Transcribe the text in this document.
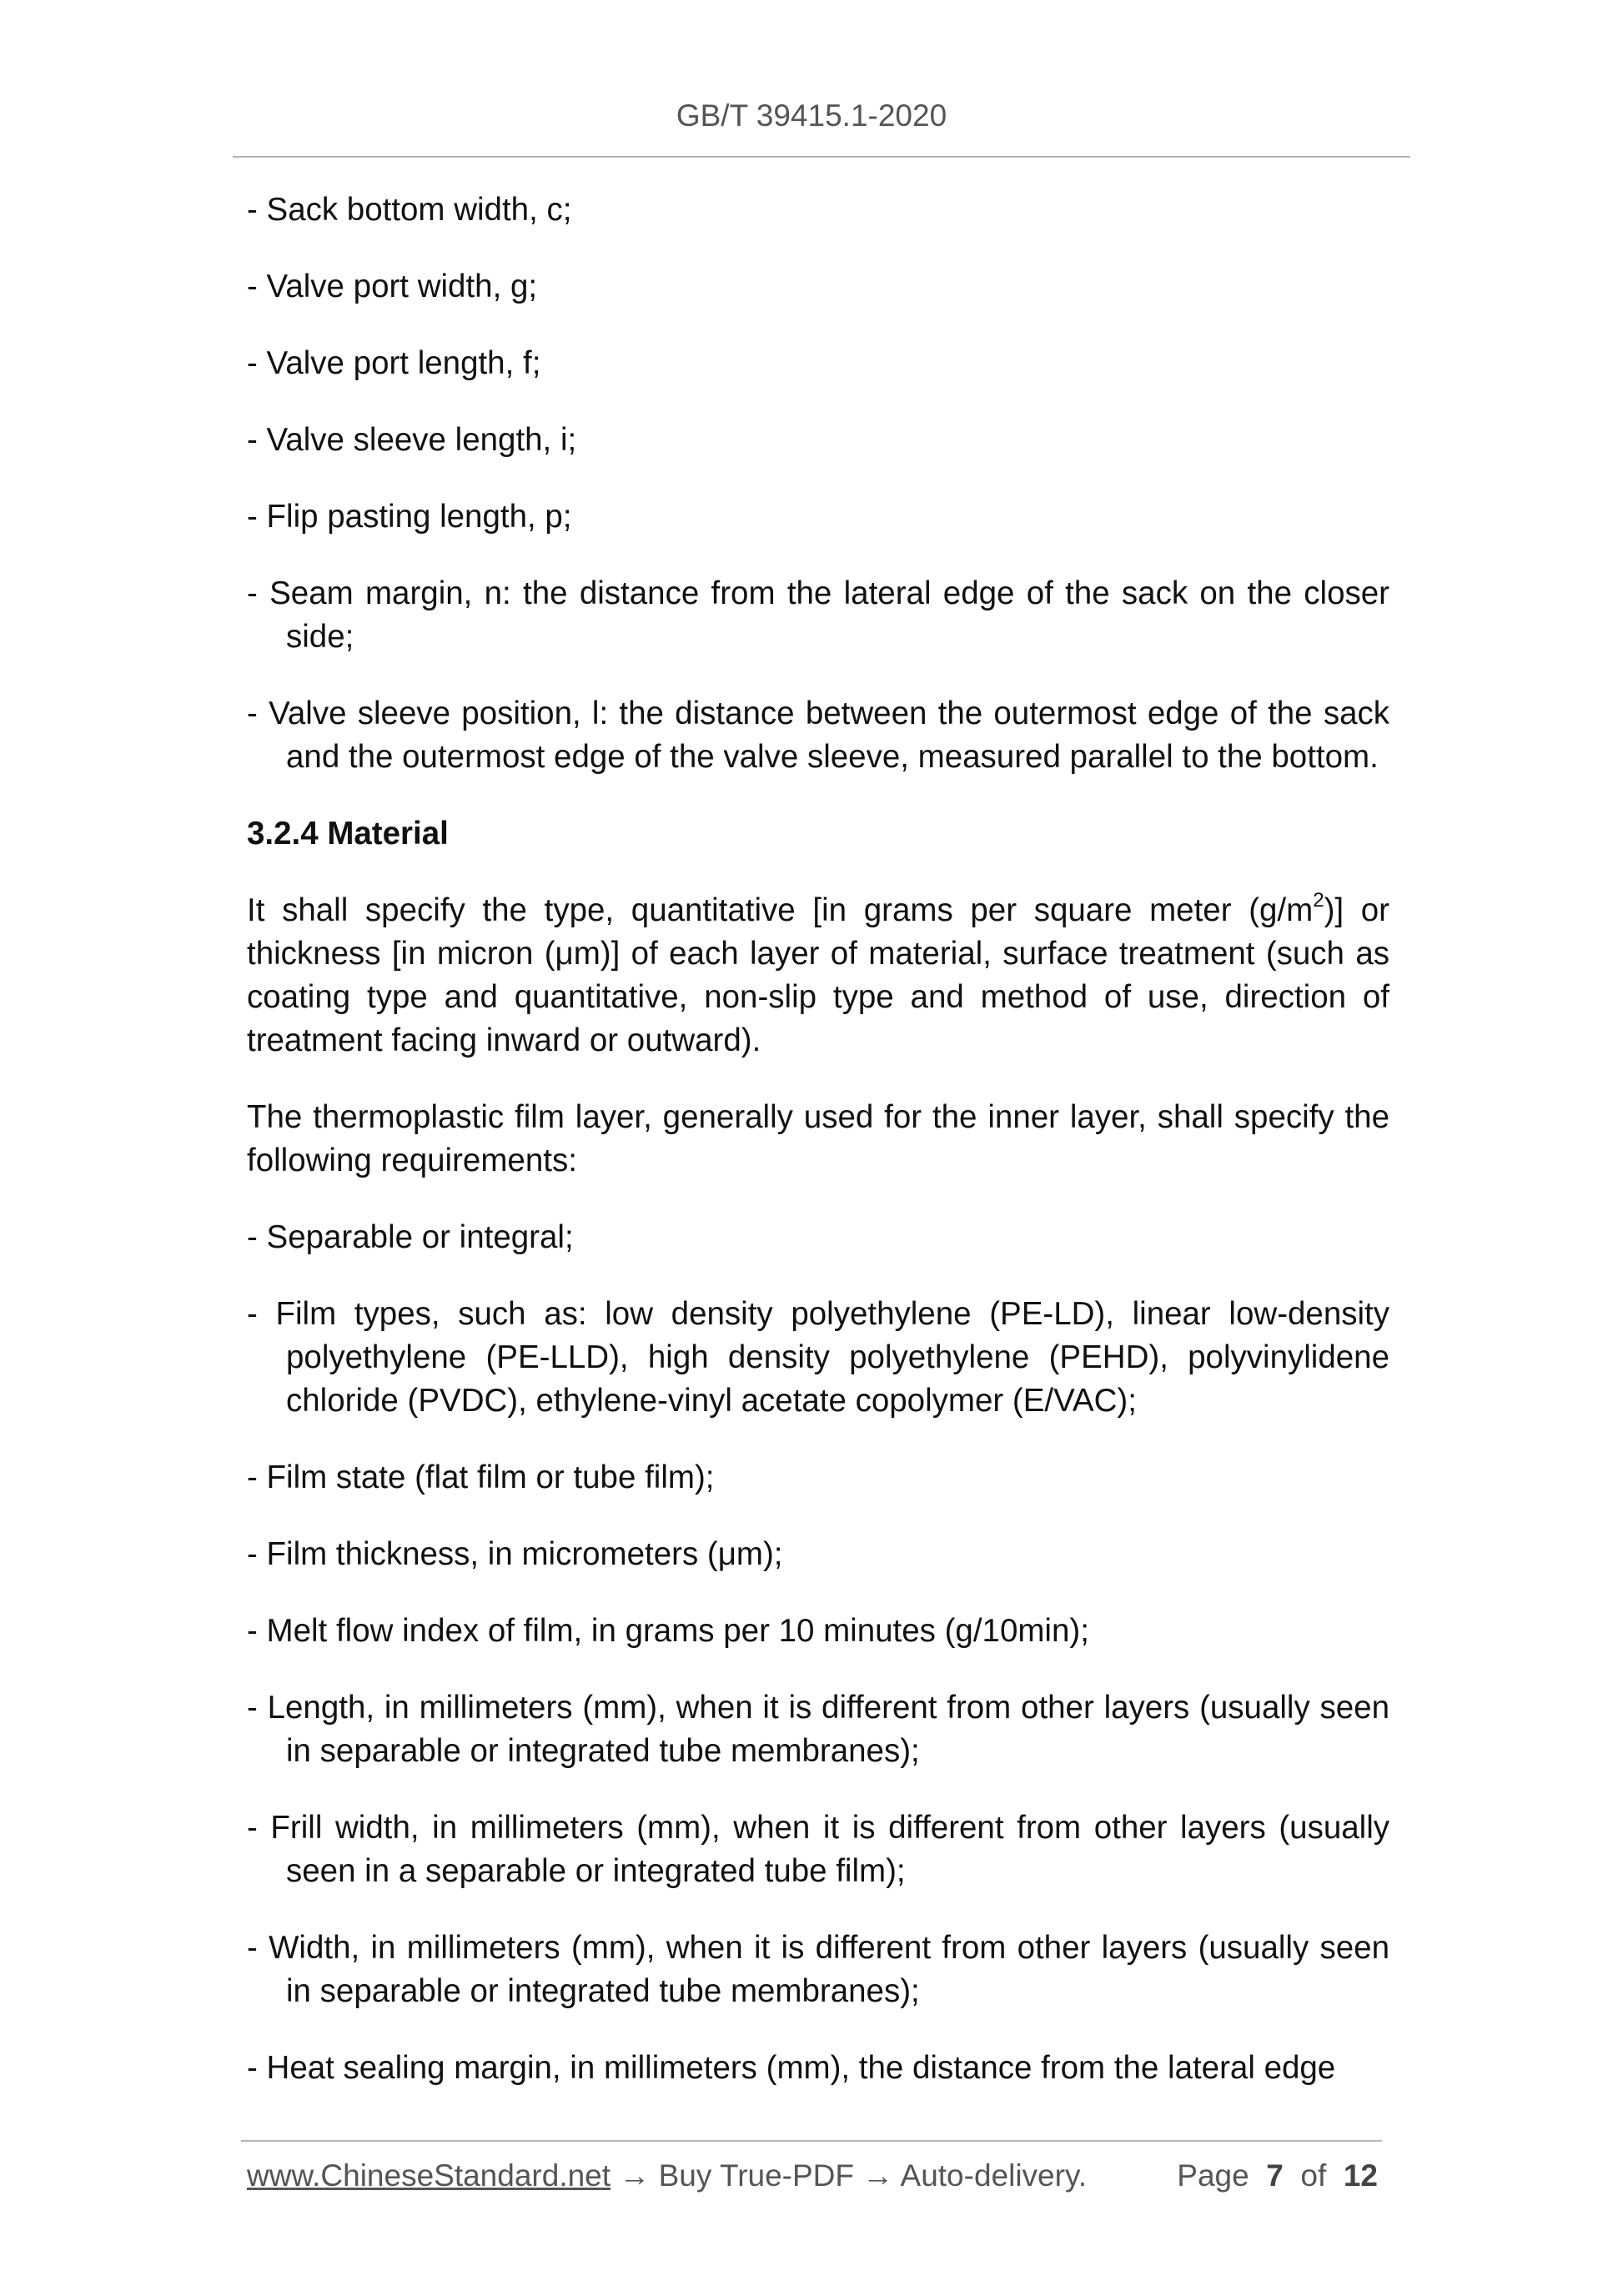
GB/T 39415.1-2020

- Sack bottom width, c;

- Valve port width, g;

- Valve port length, f;

- Valve sleeve length, i;

- Flip pasting length, p;

- Seam margin, n: the distance from the lateral edge of the sack on the closer side;

- Valve sleeve position, l: the distance between the outermost edge of the sack and the outermost edge of the valve sleeve, measured parallel to the bottom.

3.2.4 Material

It shall specify the type, quantitative [in grams per square meter $(g/m^2)$] or thickness [in micron (μm)] of each layer of material, surface treatment (such as coating type and quantitative, non-slip type and method of use, direction of treatment facing inward or outward).

The thermoplastic film layer, generally used for the inner layer, shall specify the following requirements:

- Separable or integral;

- Film types, such as: low density polyethylene (PE-LD), linear low-density polyethylene (PE-LLD), high density polyethylene (PEHD), polyvinylidene chloride (PVDC), ethylene-vinyl acetate copolymer (E/VAC);

- Film state (flat film or tube film);

- Film thickness, in micrometers (μm);

- Melt flow index of film, in grams per 10 minutes (g/10min);

- Length, in millimeters (mm), when it is different from other layers (usually seen in separable or integrated tube membranes);

- Frill width, in millimeters (mm), when it is different from other layers (usually seen in a separable or integrated tube film);

- Width, in millimeters (mm), when it is different from other layers (usually seen in separable or integrated tube membranes);

- Heat sealing margin, in millimeters (mm), the distance from the lateral edge

www.ChineseStandard.net → Buy True-PDF → Auto-delivery.	Page 7 of 12
